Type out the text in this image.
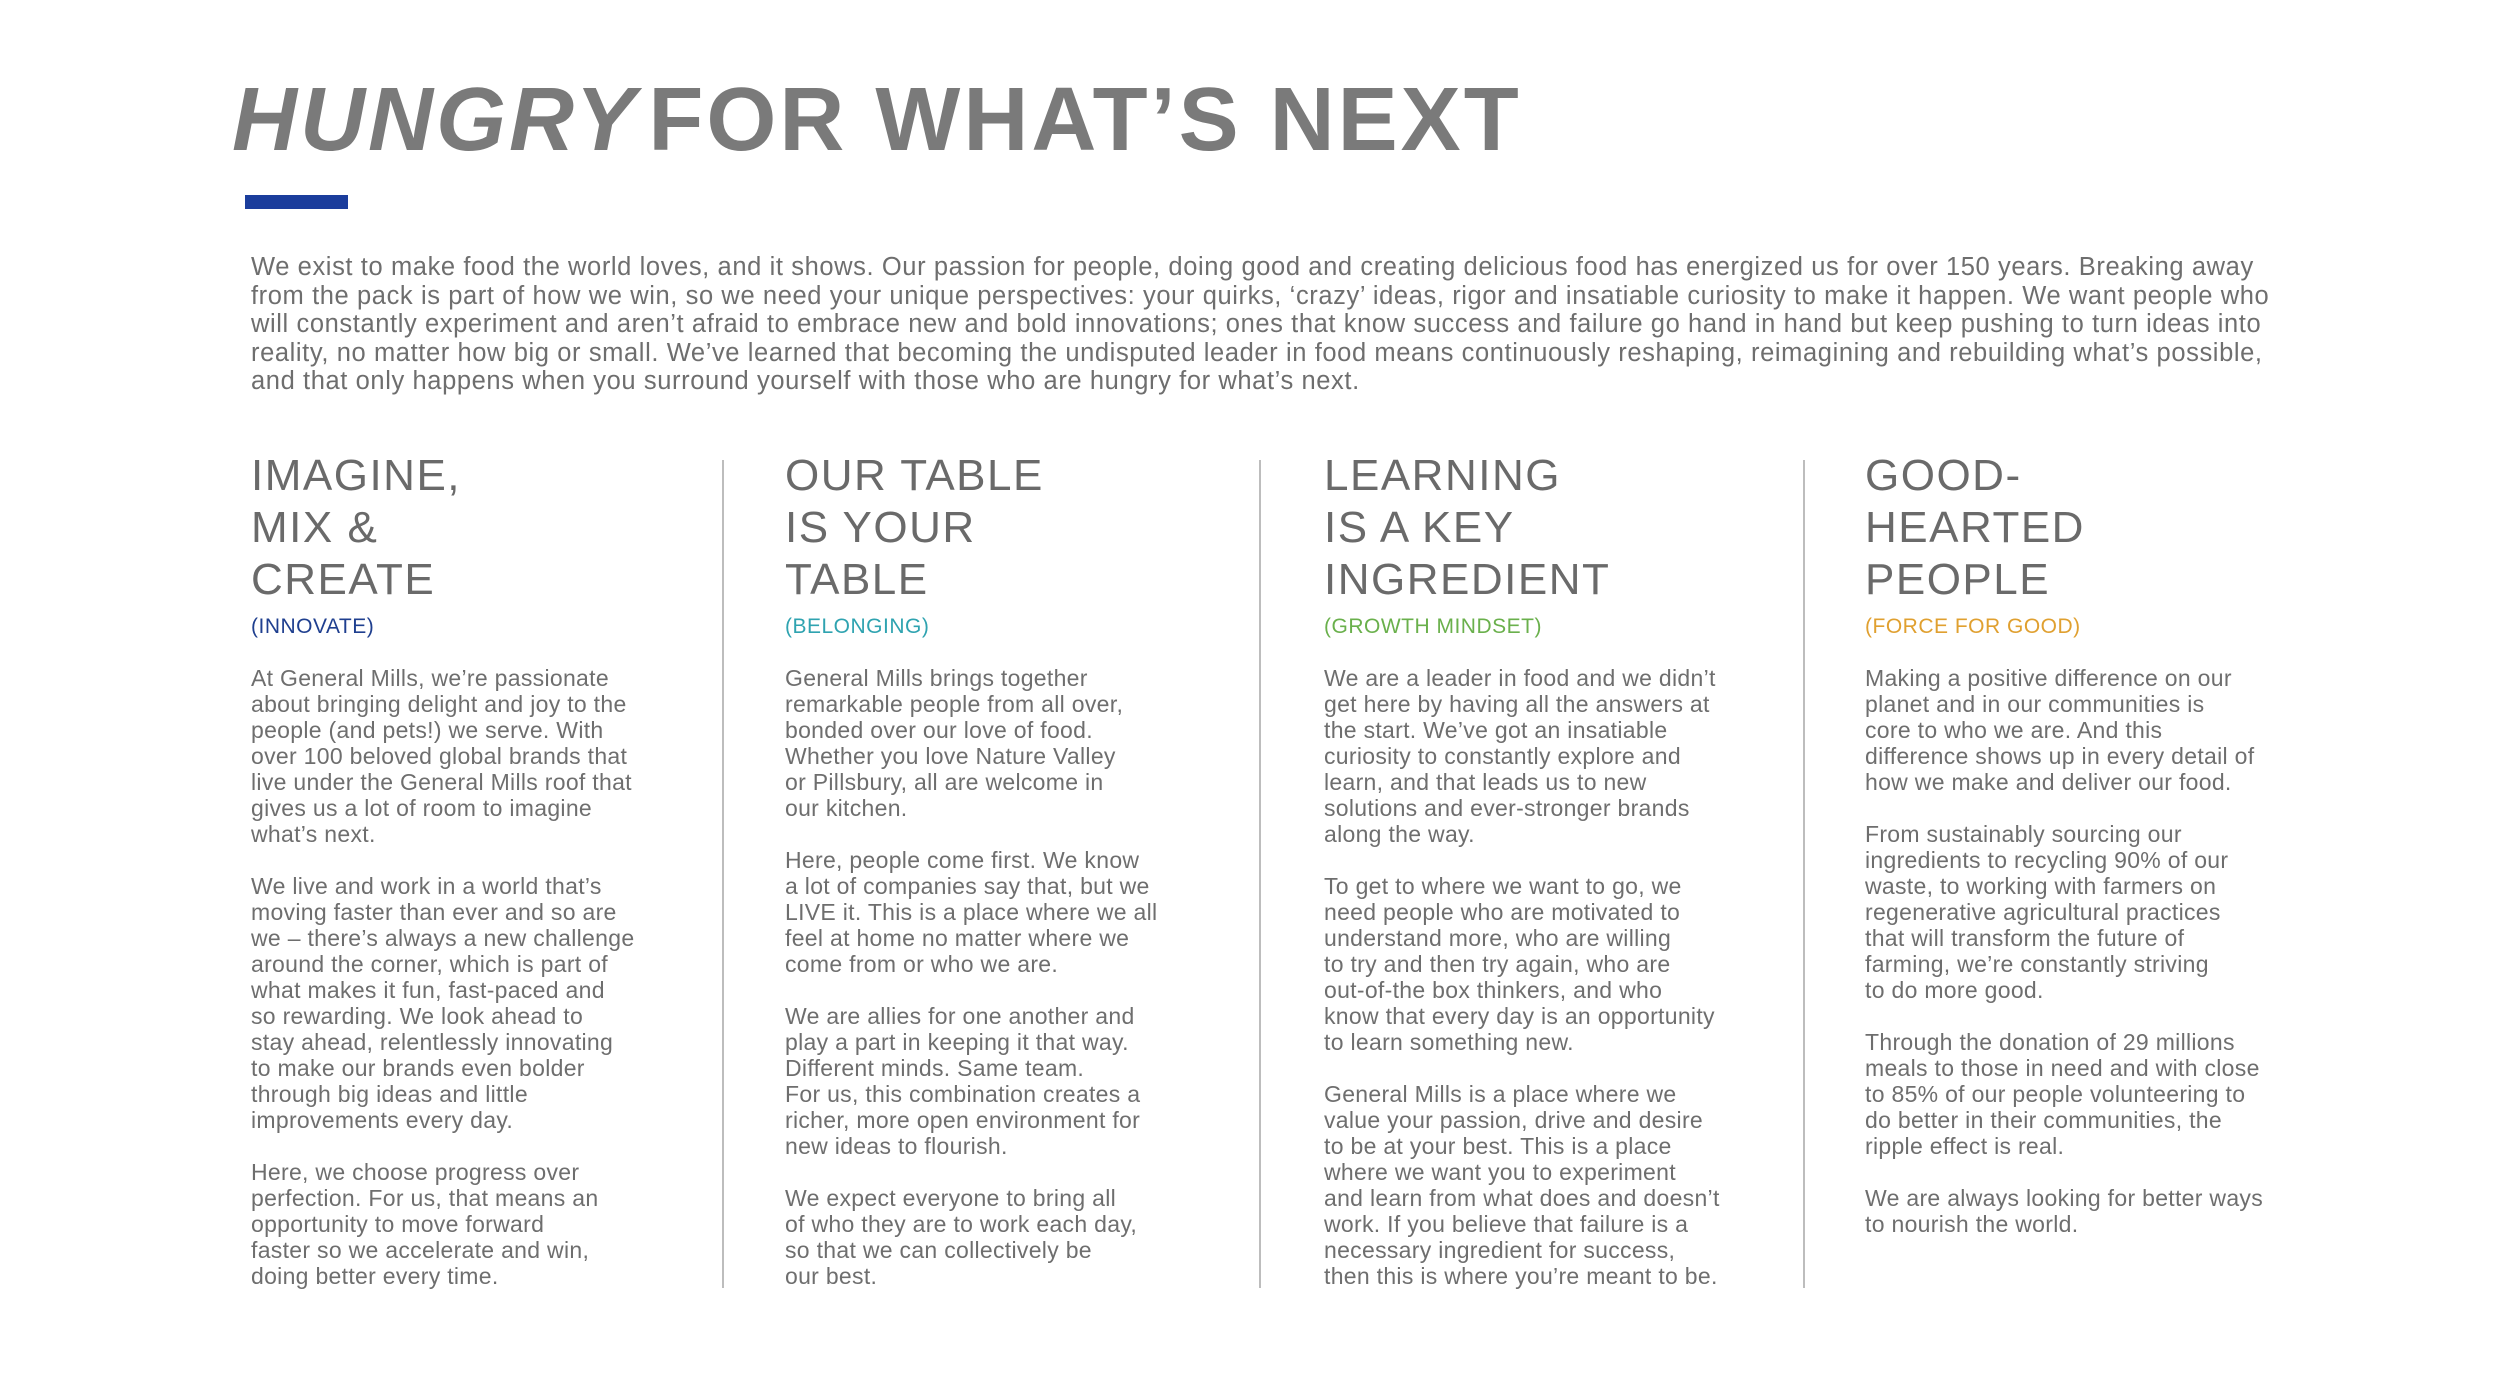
HUNGRY FOR WHAT’S NEXT

We exist to make food the world loves, and it shows. Our passion for people, doing good and creating delicious food has energized us for over 150 years. Breaking away from the pack is part of how we win, so we need your unique perspectives: your quirks, ‘crazy’ ideas, rigor and insatiable curiosity to make it happen. We want people who will constantly experiment and aren’t afraid to embrace new and bold innovations; ones that know success and failure go hand in hand but keep pushing to turn ideas into reality, no matter how big or small. We’ve learned that becoming the undisputed leader in food means continuously reshaping, reimagining and rebuilding what’s possible, and that only happens when you surround yourself with those who are hungry for what’s next.

IMAGINE,
MIX &
CREATE
(INNOVATE)

At General Mills, we’re passionate
about bringing delight and joy to the
people (and pets!) we serve. With
over 100 beloved global brands that
live under the General Mills roof that
gives us a lot of room to imagine
what’s next.

We live and work in a world that’s
moving faster than ever and so are
we – there’s always a new challenge
around the corner, which is part of
what makes it fun, fast-paced and
so rewarding. We look ahead to
stay ahead, relentlessly innovating
to make our brands even bolder
through big ideas and little
improvements every day.

Here, we choose progress over
perfection. For us, that means an
opportunity to move forward
faster so we accelerate and win,
doing better every time.

OUR TABLE
IS YOUR
TABLE
(BELONGING)

General Mills brings together
remarkable people from all over,
bonded over our love of food.
Whether you love Nature Valley
or Pillsbury, all are welcome in
our kitchen.

Here, people come first. We know
a lot of companies say that, but we
LIVE it. This is a place where we all
feel at home no matter where we
come from or who we are.

We are allies for one another and
play a part in keeping it that way.
Different minds. Same team.
For us, this combination creates a
richer, more open environment for
new ideas to flourish.

We expect everyone to bring all
of who they are to work each day,
so that we can collectively be
our best.

LEARNING
IS A KEY
INGREDIENT
(GROWTH MINDSET)

We are a leader in food and we didn’t
get here by having all the answers at
the start. We’ve got an insatiable
curiosity to constantly explore and
learn, and that leads us to new
solutions and ever-stronger brands
along the way.

To get to where we want to go, we
need people who are motivated to
understand more, who are willing
to try and then try again, who are
out-of-the box thinkers, and who
know that every day is an opportunity
to learn something new.

General Mills is a place where we
value your passion, drive and desire
to be at your best. This is a place
where we want you to experiment
and learn from what does and doesn’t
work. If you believe that failure is a
necessary ingredient for success,
then this is where you’re meant to be.

GOOD-
HEARTED
PEOPLE
(FORCE FOR GOOD)

Making a positive difference on our
planet and in our communities is
core to who we are. And this
difference shows up in every detail of
how we make and deliver our food.

From sustainably sourcing our
ingredients to recycling 90% of our
waste, to working with farmers on
regenerative agricultural practices
that will transform the future of
farming, we’re constantly striving
to do more good.

Through the donation of 29 millions
meals to those in need and with close
to 85% of our people volunteering to
do better in their communities, the
ripple effect is real.

We are always looking for better ways
to nourish the world.
